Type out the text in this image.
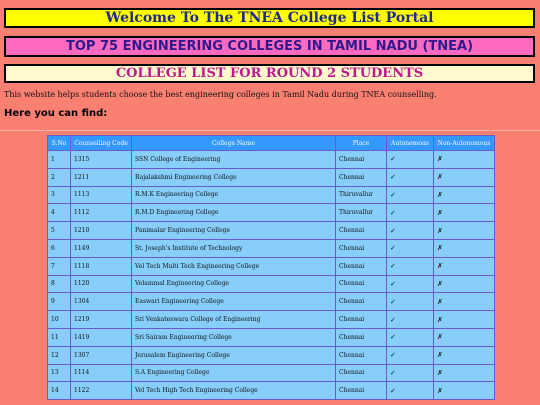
Welcome To The TNEA College List Portal
TOP 75 ENGINEERING COLLEGES IN TAMIL NADU (TNEA)
COLLEGE LIST FOR ROUND 2 STUDENTS
This website helps students choose the best engineering colleges in Tamil Nadu during TNEA counselling.
Here you can find:
S.No	Counselling Code	College Name	Place	Autonomous	Non-Autonomous
1	1315	SSN College of Engineering	Chennai	✓	✗
2	1211	Rajalakshmi Engineering College	Chennai	✓	✗
3	1113	R.M.K Engineering College	Thiruvallur	✓	✗
4	1112	R.M.D Engineering College	Thiruvallur	✓	✗
5	1210	Panimalar Engineering College	Chennai	✓	✗
6	1149	St. Joseph's Institute of Technology	Chennai	✓	✗
7	1118	Vel Tech Multi Tech Engineering College	Chennai	✓	✗
8	1120	Velammal Engineering College	Chennai	✓	✗
9	1304	Easwari Engineering College	Chennai	✓	✗
10	1219	Sri Venkateswara College of Engineering	Chennai	✓	✗
11	1419	Sri Sairam Engineering College	Chennai	✓	✗
12	1307	Jerusalem Engineering College	Chennai	✓	✗
13	1114	S.A Engineering College	Chennai	✓	✗
14	1122	Vel Tech High Tech Engineering College	Chennai	✓	✗
